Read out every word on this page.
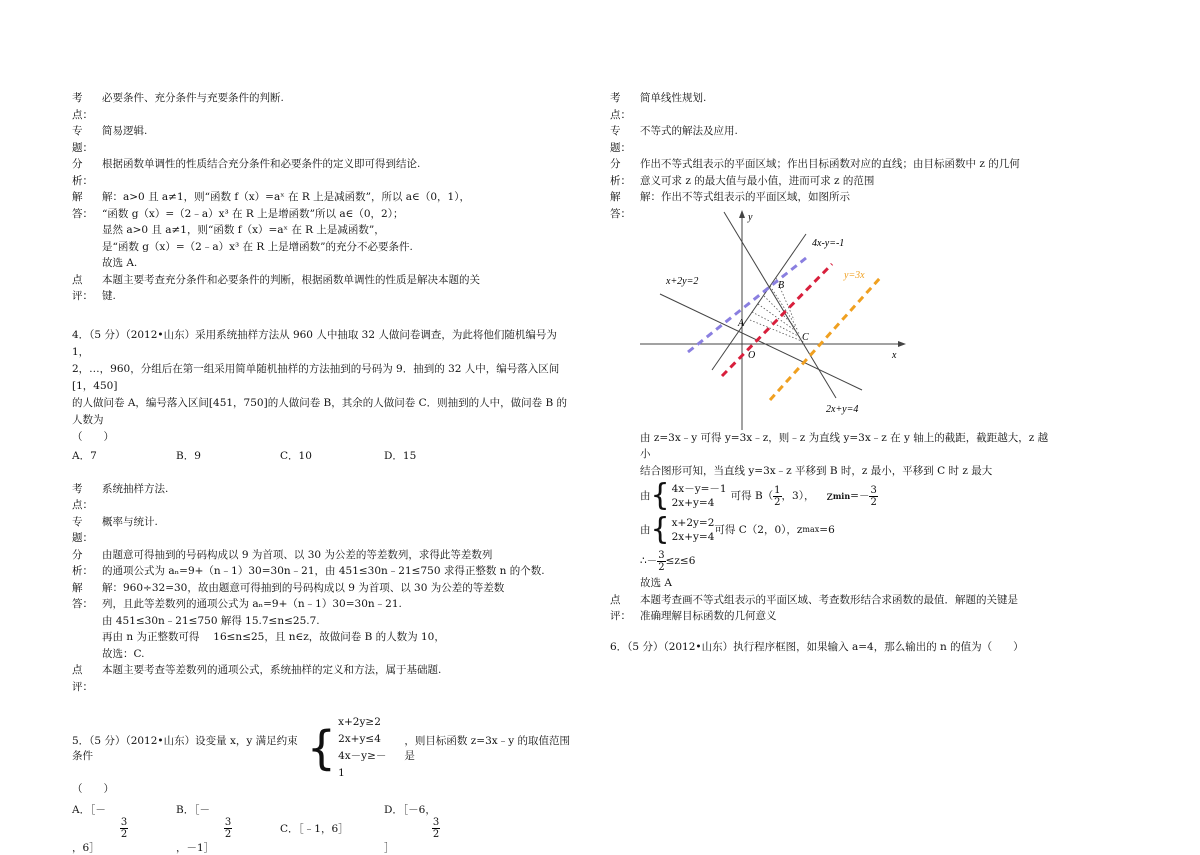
考
点：
必要条件、充分条件与充要条件的判断.
专
题：
简易逻辑.
分
析：
根据函数单调性的性质结合充分条件和必要条件的定义即可得到结论.
解
答：
解：a>0 且 a≠1，则“函数 f（x）=aˣ 在 R 上是减函数”，所以 a∈（0，1），
“函数 g（x）=（2﹣a）x³ 在 R 上是增函数”所以 a∈（0，2）；
显然 a>0 且 a≠1，则“函数 f（x）=aˣ 在 R 上是减函数”，
是“函数 g（x）=（2﹣a）x³ 在 R 上是增函数”的充分不必要条件.
故选 A.
点
评：
本题主要考查充分条件和必要条件的判断，根据函数单调性的性质是解决本题的关
键.
4．（5 分）（2012•山东）采用系统抽样方法从 960 人中抽取 32 人做问卷调查，为此将他们随机编号为 1，
2，…，960，分组后在第一组采用简单随机抽样的方法抽到的号码为 9．抽到的 32 人中，编号落入区间[1，450]
的人做问卷 A，编号落入区间[451，750]的人做问卷 B，其余的人做问卷 C．则抽到的人中，做问卷 B 的人数为
（　　）
A．7	B．9	C．10	D．15
考
点：
系统抽样方法.
专
题：
概率与统计.
分
析：
由题意可得抽到的号码构成以 9 为首项、以 30 为公差的等差数列，求得此等差数列
的通项公式为 aₙ=9+（n﹣1）30=30n﹣21，由 451≤30n﹣21≤750 求得正整数 n 的个数.
解
答：
解：960÷32=30，故由题意可得抽到的号码构成以 9 为首项、以 30 为公差的等差数
列，且此等差数列的通项公式为 aₙ=9+（n﹣1）30=30n﹣21.
由 451≤30n﹣21≤750 解得 15.7≤n≤25.7.
再由 n 为正整数可得 　16≤n≤25，且 n∈z，故做问卷 B 的人数为 10，
故选：C.
点
评：
本题主要考查等差数列的通项公式，系统抽样的定义和方法，属于基础题.
5．（5 分）（2012•山东）设变量 x，y 满足约束条件	{ x+2y≥2
2x+y≤4
4x－y≥－1
，则目标函数 z=3x﹣y 的取值范围是
（　　）
A．［－
$\frac{3}{2}$
，6］
B．［－
$\frac{3}{2}$
，－1］
C．［﹣1，6］
D．［－6，
$\frac{3}{2}$
］
考
点：
简单线性规划.
专
题：
不等式的解法及应用.
分
析：
作出不等式组表示的平面区域；作出目标函数对应的直线；由目标函数中 z 的几何
意义可求 z 的最大值与最小值，进而可求 z 的范围
解
答：
解：作出不等式组表示的平面区域，如图所示
y
x
O
4x-y=-1
x+2y=2
y=3x
2x+y=4
A
B
C
由 z=3x﹣y 可得 y=3x﹣z，则﹣z 为直线 y=3x﹣z 在 y 轴上的截距，截距越大，z 越小
结合图形可知，当直线 y=3x﹣z 平移到 B 时，z 最小，平移到 C 时 z 最大
由 { 4x－y=－1
2x+y=4
可得 $B( \frac{1}{2}$ ，3）， z $\min =- \frac{3}{2}$
由 { x+2y=2
2x+y=4
可得 C（2，0），z max =6
∴－ $\frac{3}{2} \le z\le 6$
故选 A
点
评：
本题考查画不等式组表示的平面区域、考查数形结合求函数的最值．解题的关键是
准确理解目标函数的几何意义
6．（5 分）（2012•山东）执行程序框图，如果输入 a=4，那么输出的 n 的值为（　　）
